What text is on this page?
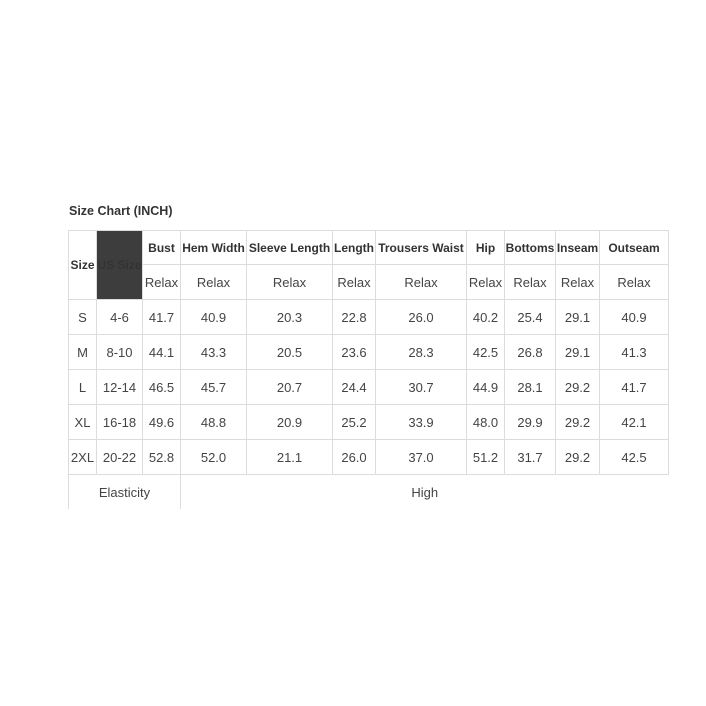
Size Chart (INCH)
Size	US Size	Bust	Hem Width	Sleeve Length	Length	Trousers Waist	Hip	Bottoms	Inseam	Outseam
		Relax	Relax	Relax	Relax	Relax	Relax	Relax	Relax	Relax
S	4-6	41.7	40.9	20.3	22.8	26.0	40.2	25.4	29.1	40.9
M	8-10	44.1	43.3	20.5	23.6	28.3	42.5	26.8	29.1	41.3
L	12-14	46.5	45.7	20.7	24.4	30.7	44.9	28.1	29.2	41.7
XL	16-18	49.6	48.8	20.9	25.2	33.9	48.0	29.9	29.2	42.1
2XL	20-22	52.8	52.0	21.1	26.0	37.0	51.2	31.7	29.2	42.5
Elasticity			High							
